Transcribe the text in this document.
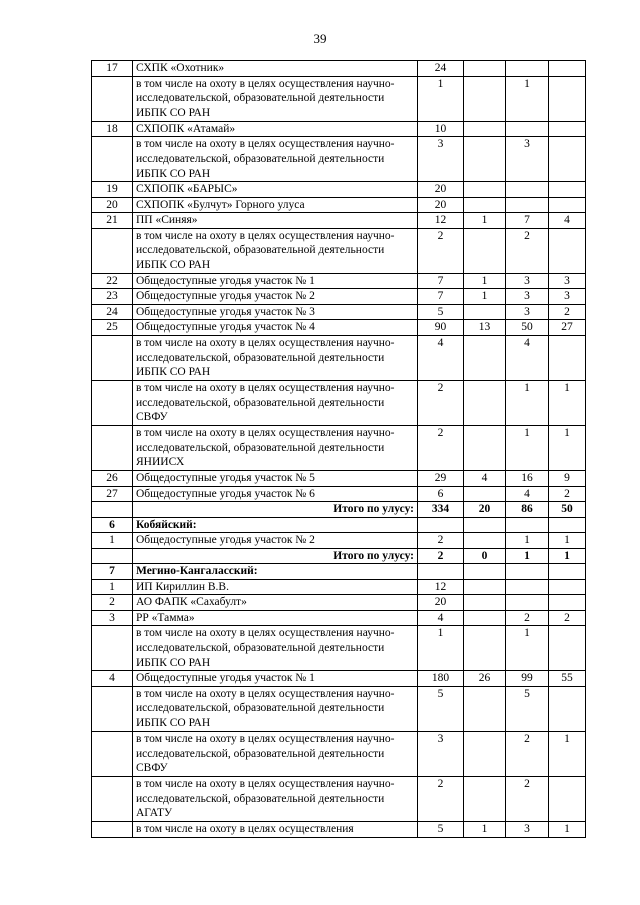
39
17	СХПК «Охотник»	24			
	в том числе на охоту в целях осуществления научно-исследовательской, образовательной деятельности ИБПК СО РАН	1		1	
18	СХПОПК «Атамай»	10			
	в том числе на охоту в целях осуществления научно-исследовательской, образовательной деятельности ИБПК СО РАН	3		3	
19	СХПОПК «БАРЫС»	20			
20	СХПОПК «Булчут» Горного улуса	20			
21	ПП «Синяя»	12	1	7	4
	в том числе на охоту в целях осуществления научно-исследовательской, образовательной деятельности ИБПК СО РАН	2		2	
22	Общедоступные угодья участок № 1	7	1	3	3
23	Общедоступные угодья участок № 2	7	1	3	3
24	Общедоступные угодья участок № 3	5		3	2
25	Общедоступные угодья участок № 4	90	13	50	27
	в том числе на охоту в целях осуществления научно-исследовательской, образовательной деятельности ИБПК СО РАН	4		4	
	в том числе на охоту в целях осуществления научно-исследовательской, образовательной деятельности СВФУ	2		1	1
	в том числе на охоту в целях осуществления научно-исследовательской, образовательной деятельности ЯНИИСХ	2		1	1
26	Общедоступные угодья участок № 5	29	4	16	9
27	Общедоступные угодья участок № 6	6		4	2
	Итого по улусу:	334	20	86	50
6	Кобяйский:				
1	Общедоступные угодья участок № 2	2		1	1
	Итого по улусу:	2	0	1	1
7	Мегино-Кангаласский:				
1	ИП Кириллин В.В.	12			
2	АО ФАПК «Сахабулт»	20			
3	РР «Тамма»	4		2	2
	в том числе на охоту в целях осуществления научно-исследовательской, образовательной деятельности ИБПК СО РАН	1		1	
4	Общедоступные угодья участок № 1	180	26	99	55
	в том числе на охоту в целях осуществления научно-исследовательской, образовательной деятельности ИБПК СО РАН	5		5	
	в том числе на охоту в целях осуществления научно-исследовательской, образовательной деятельности СВФУ	3		2	1
	в том числе на охоту в целях осуществления научно-исследовательской, образовательной деятельности АГАТУ	2		2	
	в том числе на охоту в целях осуществления	5	1	3	1
